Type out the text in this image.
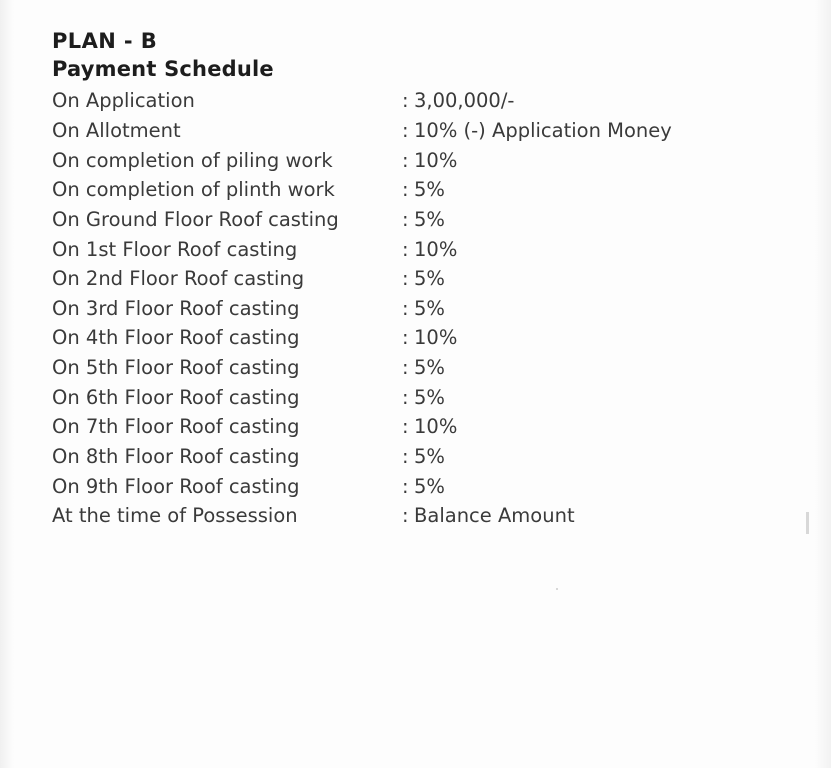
PLAN - B
Payment Schedule
On Application	: 3,00,000/-
On Allotment	: 10% (-) Application Money
On completion of piling work	: 10%
On completion of plinth work	: 5%
On Ground Floor Roof casting	: 5%
On 1st Floor Roof casting	: 10%
On 2nd Floor Roof casting	: 5%
On 3rd Floor Roof casting	: 5%
On 4th Floor Roof casting	: 10%
On 5th Floor Roof casting	: 5%
On 6th Floor Roof casting	: 5%
On 7th Floor Roof casting	: 10%
On 8th Floor Roof casting	: 5%
On 9th Floor Roof casting	: 5%
At the time of Possession	: Balance Amount
